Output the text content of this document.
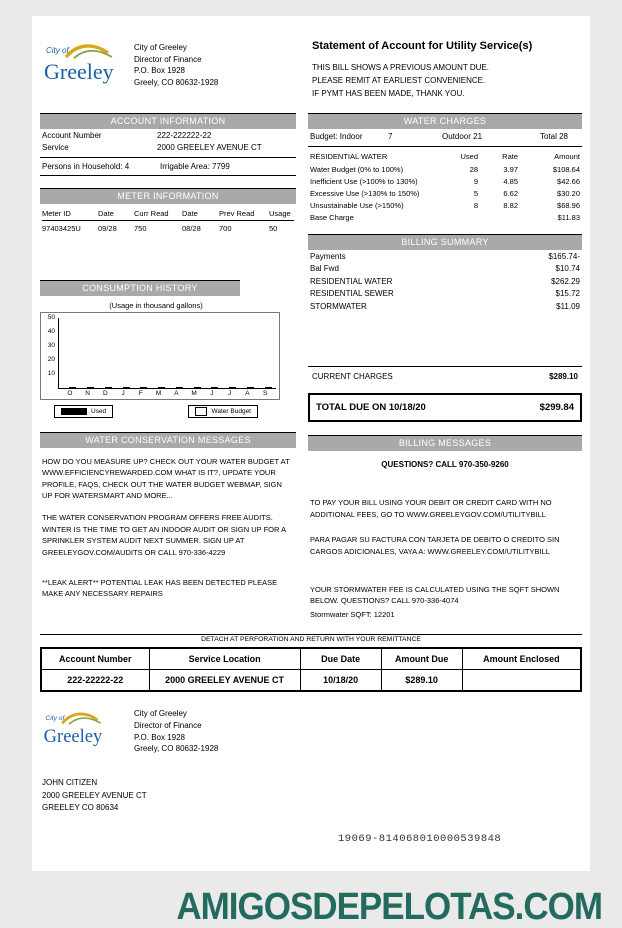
City of
Greeley
City of Greeley
Director of Finance
P.O. Box 1928
Greely, CO 80632-1928
Statement of Account for Utility Service(s)
THIS BILL SHOWS A PREVIOUS AMOUNT DUE.
PLEASE REMIT AT EARLIEST CONVENIENCE.
IF PYMT HAS BEEN MADE, THANK YOU.
ACCOUNT INFORMATION
Account Number	222-222222-22
Service	2000 GREELEY AVENUE CT
Persons in Household: 4	Irrigable Area: 7799
METER INFORMATION
Meter ID	Date	Curr Read	Date	Prev Read	Usage
97403425U	09/28	750	08/28	700	50
CONSUMPTION HISTORY
(Usage in thousand gallons)
10
20
30
40
50
O	N	D	J	F	M	A	M	J	J	A	S
Used	Water Budget
WATER CONSERVATION MESSAGES
HOW DO YOU MEASURE UP? CHECK OUT YOUR WATER BUDGET AT WWW.EFFICIENCYREWARDED.COM WHAT IS IT?, UPDATE YOUR PROFILE, FAQS, CHECK OUT THE WATER BUDGET WEBMAP, SIGN UP FOR WATERSMART AND MORE...
THE WATER CONSERVATION PROGRAM OFFERS FREE AUDITS. WINTER IS THE TIME TO GET AN INDOOR AUDIT OR SIGN UP FOR A SPRINKLER SYSTEM AUDIT NEXT SUMMER. SIGN UP AT GREELEYGOV.COM/AUDITS OR CALL 970-336-4229
**LEAK ALERT** POTENTIAL LEAK HAS BEEN DETECTED PLEASE MAKE ANY NECESSARY REPAIRS
WATER CHARGES
Budget: Indoor	7	Outdoor 21	Total 28
RESIDENTIAL WATER	Used	Rate	Amount
Water Budget (0% to 100%)	28	3.97	$108.64
Inefficient Use (>100% to 130%)	9	4.85	$42.66
Excessive Use (>130% to 150%)	5	6.62	$30.20
Unsustainable Use (>150%)	8	8.82	$68.96
Base Charge	$11.83
BILLING SUMMARY
Payments	$165.74-
Bal Fwd	$10.74
RESIDENTIAL WATER	$262.29
RESIDENTIAL SEWER	$15.72
STORMWATER	$11.09
CURRENT CHARGES	$289.10
TOTAL DUE ON 10/18/20	$299.84
BILLING MESSAGES
QUESTIONS? CALL 970-350-9260
TO PAY YOUR BILL USING YOUR DEBIT OR CREDIT CARD WITH NO ADDITIONAL FEES, GO TO WWW.GREELEYGOV.COM/UTILITYBILL
PARA PAGAR SU FACTURA CON TARJETA DE DEBITO O CREDITO SIN CARGOS ADICIONALES, VAYA A: WWW.GREELEY.COM/UTILITYBILL
YOUR STORMWATER FEE IS CALCULATED USING THE SQFT SHOWN BELOW. QUESTIONS? CALL 970-336-4074
Stormwater SQFT: 12201
DETACH AT PERFORATION AND RETURN WITH YOUR REMITTANCE
Account Number	Service Location	Due Date	Amount Due	Amount Enclosed
222-22222-22	2000 GREELEY AVENUE CT	10/18/20	$289.10	
City of
Greeley
City of Greeley
Director of Finance
P.O. Box 1928
Greely, CO 80632-1928
JOHN CITIZEN
2000 GREELEY AVENUE CT
GREELEY CO 80634
19069-814068010000539848
AMIGOSDEPELOTAS.COM
